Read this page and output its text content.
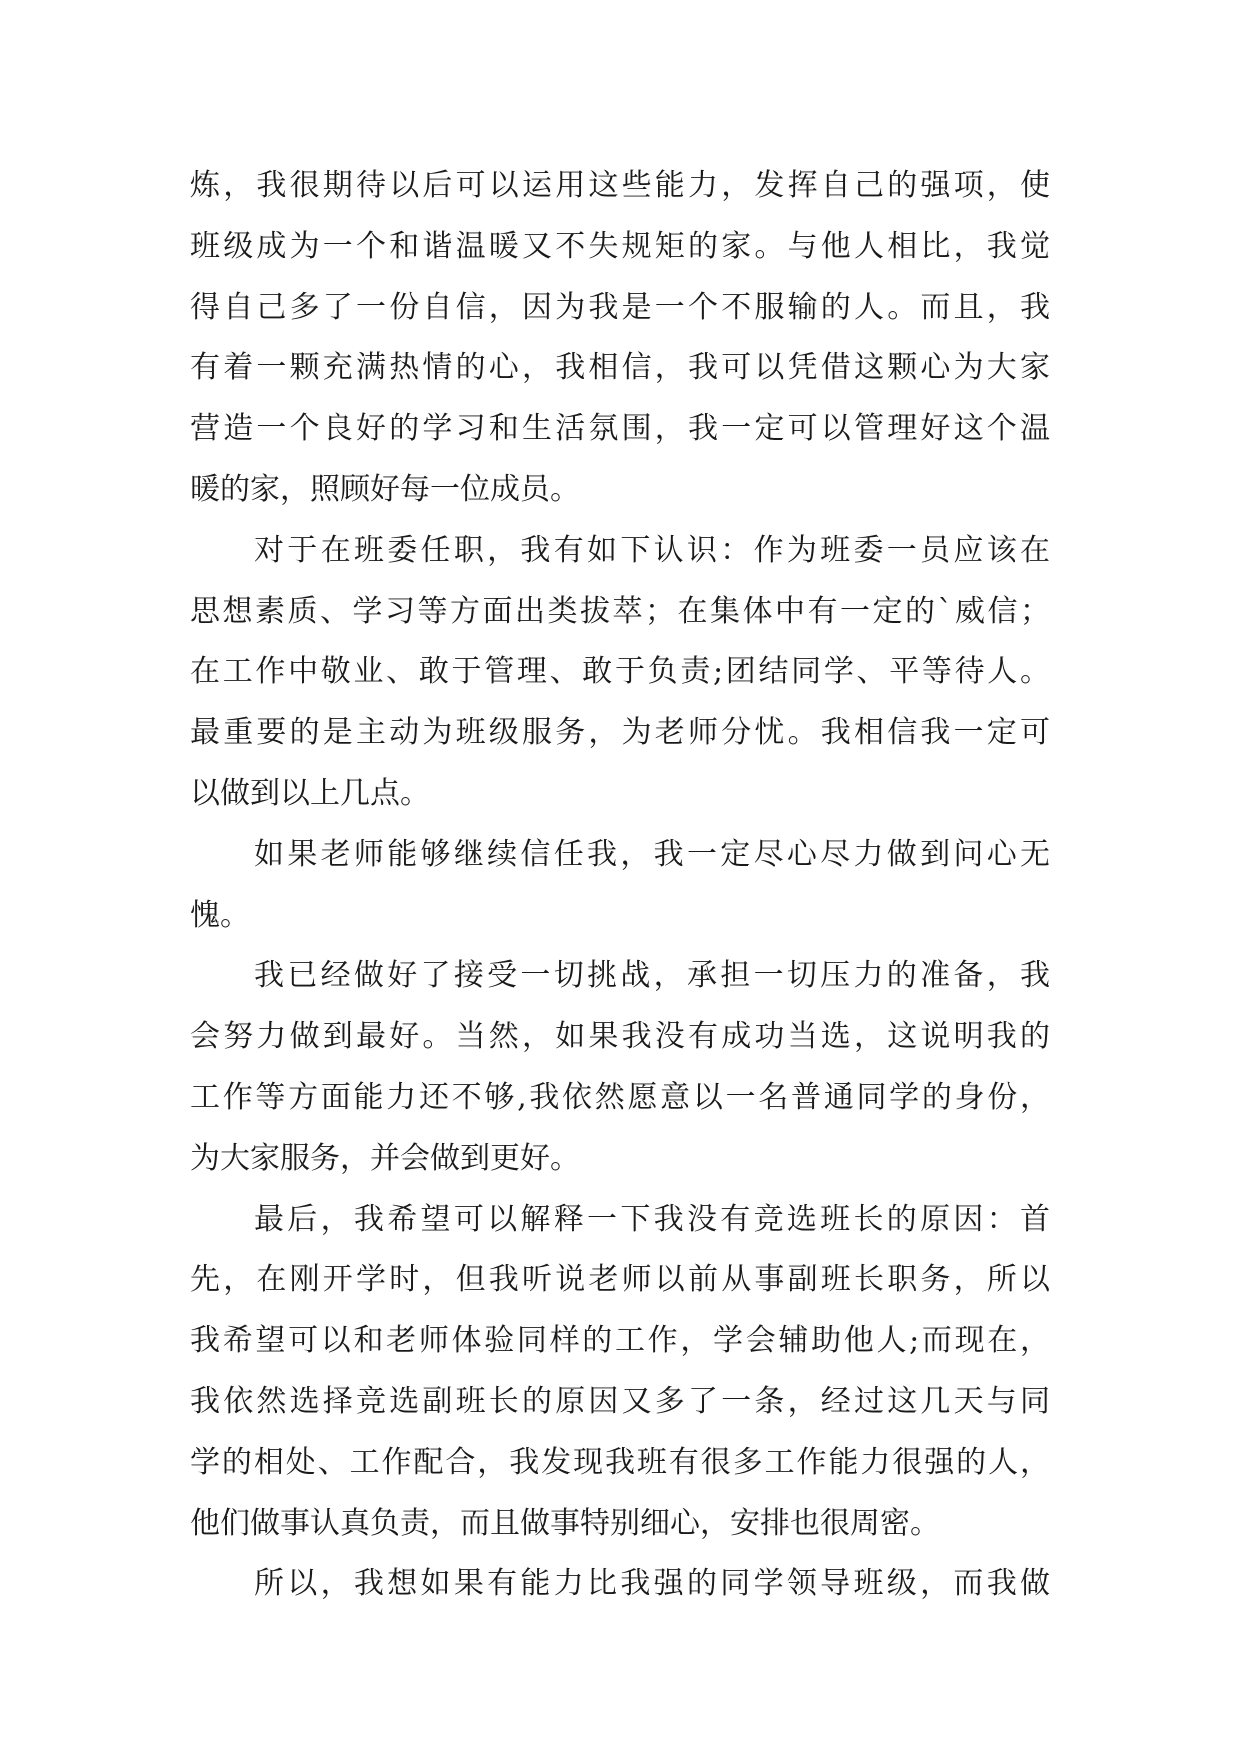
炼，我很期待以后可以运用这些能力，发挥自己的强项，使
班级成为一个和谐温暖又不失规矩的家。与他人相比，我觉
得自己多了一份自信，因为我是一个不服输的人。而且，我
有着一颗充满热情的心，我相信，我可以凭借这颗心为大家
营造一个良好的学习和生活氛围，我一定可以管理好这个温
暖的家，照顾好每一位成员。
对于在班委任职，我有如下认识：作为班委一员应该在
思想素质、学习等方面出类拔萃；在集体中有一定的`威信；
在工作中敬业、敢于管理、敢于负责;团结同学、平等待人。
最重要的是主动为班级服务，为老师分忧。我相信我一定可
以做到以上几点。
如果老师能够继续信任我，我一定尽心尽力做到问心无
愧。
我已经做好了接受一切挑战，承担一切压力的准备，我
会努力做到最好。当然，如果我没有成功当选，这说明我的
工作等方面能力还不够,我依然愿意以一名普通同学的身份，
为大家服务，并会做到更好。
最后，我希望可以解释一下我没有竞选班长的原因：首
先，在刚开学时，但我听说老师以前从事副班长职务，所以
我希望可以和老师体验同样的工作，学会辅助他人;而现在，
我依然选择竞选副班长的原因又多了一条，经过这几天与同
学的相处、工作配合，我发现我班有很多工作能力很强的人，
他们做事认真负责，而且做事特别细心，安排也很周密。
所以，我想如果有能力比我强的同学领导班级，而我做
